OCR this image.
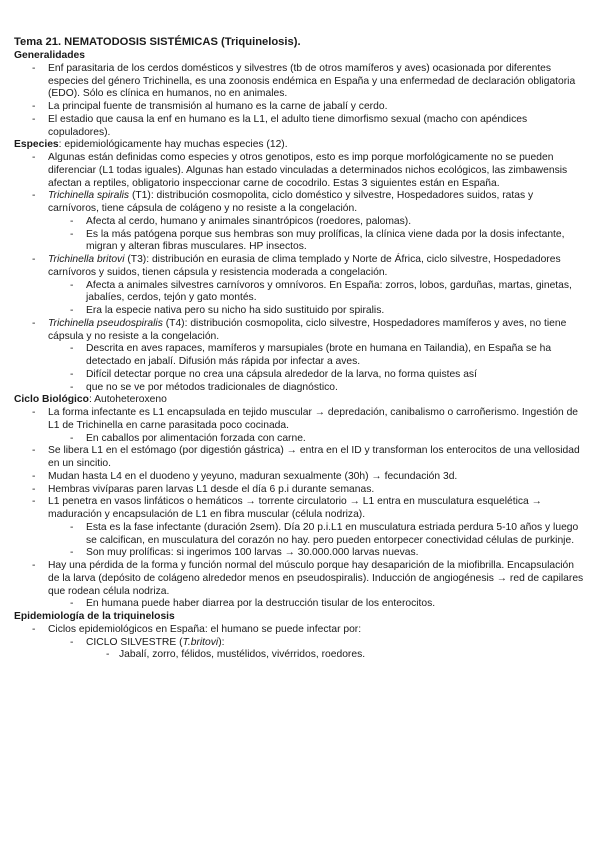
Tema 21. NEMATODOSIS SISTÉMICAS (Triquinelosis).
Generalidades
- Enf parasitaria de los cerdos domésticos y silvestres (tb de otros mamíferos y aves) ocasionada por diferentes especies del género Trichinella, es una zoonosis endémica en España y una enfermedad de declaración obligatoria (EDO). Sólo es clínica en humanos, no en animales.
- La principal fuente de transmisión al humano es la carne de jabalí y cerdo.
- El estadio que causa la enf en humano es la L1, el adulto tiene dimorfismo sexual (macho con apéndices copuladores).
Especies: epidemiológicamente hay muchas especies (12).
- Algunas están definidas como especies y otros genotipos, esto es imp porque morfológicamente no se pueden diferenciar (L1 todas iguales). Algunas han estado vinculadas a determinados nichos ecológicos, las zimbawensis afectan a reptiles, obligatorio inspeccionar carne de cocodrilo. Estas 3 siguientes están en España.
- Trichinella spiralis (T1): distribución cosmopolita, ciclo doméstico y silvestre, Hospedadores suidos, ratas y carnívoros, tiene cápsula de colágeno y no resiste a la congelación.
- Afecta al cerdo, humano y animales sinantrópicos (roedores, palomas).
- Es la más patógena porque sus hembras son muy prolíficas, la clínica viene dada por la dosis infectante, migran y alteran fibras musculares. HP insectos.
- Trichinella britovi (T3): distribución en eurasia de clima templado y Norte de África, ciclo silvestre, Hospedadores carnívoros y suidos, tienen cápsula y resistencia moderada a congelación.
- Afecta a animales silvestres carnívoros y omnívoros. En España: zorros, lobos, garduñas, martas, ginetas, jabalíes, cerdos, tejón y gato montés.
- Era la especie nativa pero su nicho ha sido sustituido por spiralis.
- Trichinella pseudospiralis (T4): distribución cosmopolita, ciclo silvestre, Hospedadores mamíferos y aves, no tiene cápsula y no resiste a la congelación.
- Descrita en aves rapaces, mamíferos y marsupiales (brote en humana en Tailandia), en España se ha detectado en jabalí. Difusión más rápida por infectar a aves.
- Difícil detectar porque no crea una cápsula alrededor de la larva, no forma quistes así
- que no se ve por métodos tradicionales de diagnóstico.
Ciclo Biológico: Autoheteroxeno
- La forma infectante es L1 encapsulada en tejido muscular → depredación, canibalismo o carroñerismo. Ingestión de L1 de Trichinella en carne parasitada poco cocinada.
- En caballos por alimentación forzada con carne.
- Se libera L1 en el estómago (por digestión gástrica) → entra en el ID y transforman los enterocitos de una vellosidad en un sincitio.
- Mudan hasta L4 en el duodeno y yeyuno, maduran sexualmente (30h) → fecundación 3d.
- Hembras vivíparas paren larvas L1 desde el día 6 p.i durante semanas.
- L1 penetra en vasos linfáticos o hemáticos → torrente circulatorio → L1 entra en musculatura esquelética → maduración y encapsulación de L1 en fibra muscular (célula nodriza).
- Esta es la fase infectante (duración 2sem). Día 20 p.i.L1 en musculatura estriada perdura 5-10 años y luego se calcifican, en musculatura del corazón no hay. pero pueden entorpecer conectividad células de purkinje.
- Son muy prolíficas: si ingerimos 100 larvas → 30.000.000 larvas nuevas.
- Hay una pérdida de la forma y función normal del músculo porque hay desaparición de la miofibrilla. Encapsulación de la larva (depósito de colágeno alrededor menos en pseudospiralis). Inducción de angiogénesis → red de capilares que rodean célula nodriza.
- En humana puede haber diarrea por la destrucción tisular de los enterocitos.
Epidemiología de la triquinelosis
- Ciclos epidemiológicos en España: el humano se puede infectar por:
- CICLO SILVESTRE (T.britovi):
- Jabalí, zorro, félidos, mustélidos, vivérridos, roedores.
